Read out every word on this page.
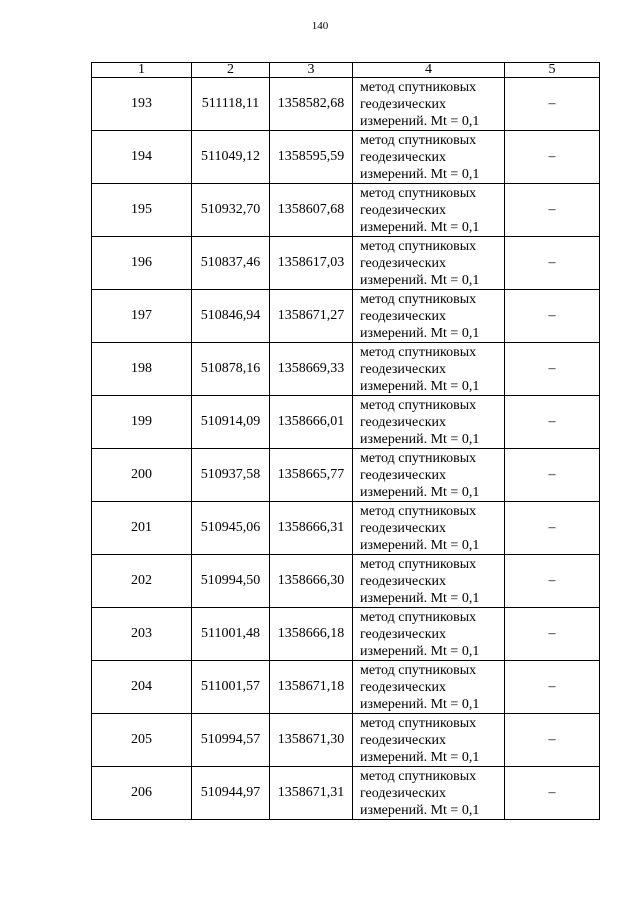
140
1	2	3	4	5
193	511118,11	1358582,68	метод спутниковых
геодезических
измерений. Mt = 0,1	–
194	511049,12	1358595,59	метод спутниковых
геодезических
измерений. Mt = 0,1	–
195	510932,70	1358607,68	метод спутниковых
геодезических
измерений. Mt = 0,1	–
196	510837,46	1358617,03	метод спутниковых
геодезических
измерений. Mt = 0,1	–
197	510846,94	1358671,27	метод спутниковых
геодезических
измерений. Mt = 0,1	–
198	510878,16	1358669,33	метод спутниковых
геодезических
измерений. Mt = 0,1	–
199	510914,09	1358666,01	метод спутниковых
геодезических
измерений. Mt = 0,1	–
200	510937,58	1358665,77	метод спутниковых
геодезических
измерений. Mt = 0,1	–
201	510945,06	1358666,31	метод спутниковых
геодезических
измерений. Mt = 0,1	–
202	510994,50	1358666,30	метод спутниковых
геодезических
измерений. Mt = 0,1	–
203	511001,48	1358666,18	метод спутниковых
геодезических
измерений. Mt = 0,1	–
204	511001,57	1358671,18	метод спутниковых
геодезических
измерений. Mt = 0,1	–
205	510994,57	1358671,30	метод спутниковых
геодезических
измерений. Mt = 0,1	–
206	510944,97	1358671,31	метод спутниковых
геодезических
измерений. Mt = 0,1	–
